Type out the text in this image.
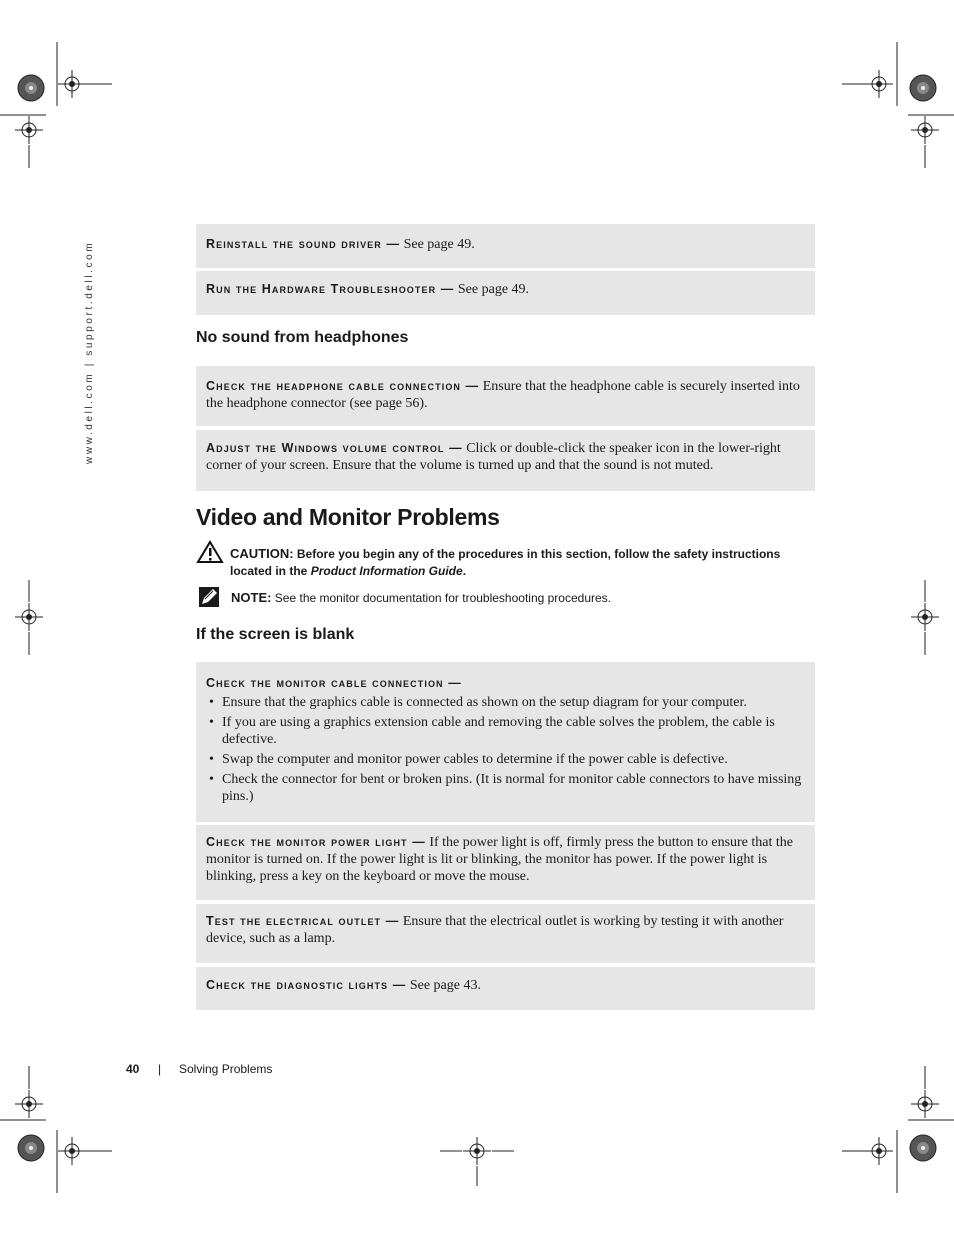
www.dell.com | support.dell.com	Reinstall the sound driver — See page 49.
Run the Hardware Troubleshooter — See page 49.
No sound from headphones
Check the headphone cable connection — Ensure that the headphone cable is securely inserted into the headphone connector (see page 56).
Adjust the Windows volume control — Click or double-click the speaker icon in the lower-right corner of your screen. Ensure that the volume is turned up and that the sound is not muted.
Video and Monitor Problems
CAUTION: Before you begin any of the procedures in this section, follow the safety instructions located in the Product Information Guide.
NOTE: See the monitor documentation for troubleshooting procedures.
If the screen is blank
Check the monitor cable connection —
• Ensure that the graphics cable is connected as shown on the setup diagram for your computer.
• If you are using a graphics extension cable and removing the cable solves the problem, the cable is defective.
• Swap the computer and monitor power cables to determine if the power cable is defective.
• Check the connector for bent or broken pins. (It is normal for monitor cable connectors to have missing pins.)
Check the monitor power light — If the power light is off, firmly press the button to ensure that the monitor is turned on. If the power light is lit or blinking, the monitor has power. If the power light is blinking, press a key on the keyboard or move the mouse.
Test the electrical outlet — Ensure that the electrical outlet is working by testing it with another device, such as a lamp.
Check the diagnostic lights — See page 43.
40 | Solving Problems
